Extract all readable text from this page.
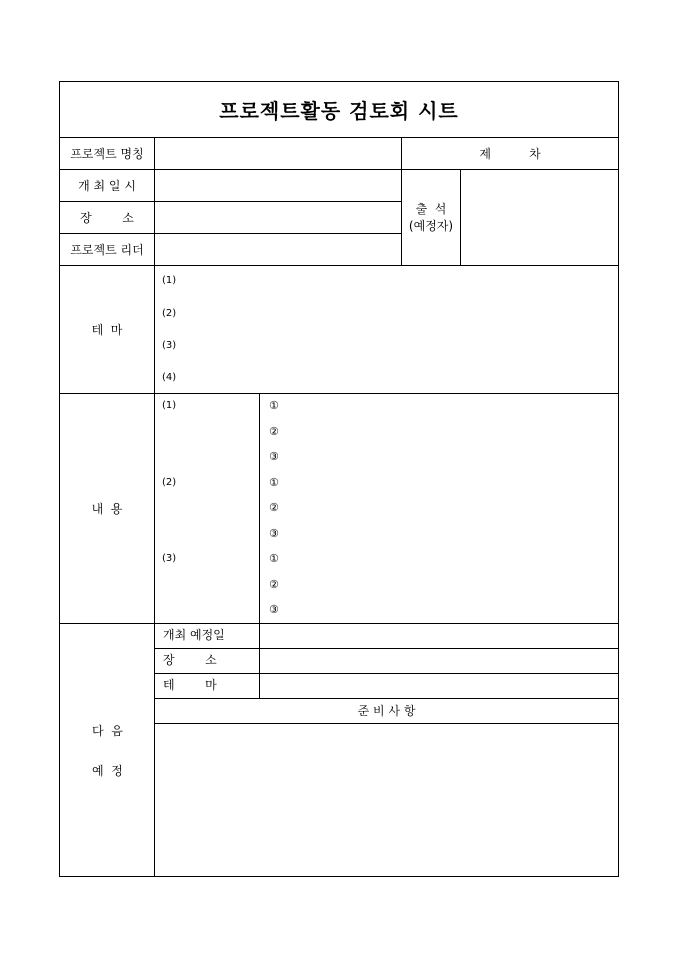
프로젝트활동 검토회 시트
프로젝트 명칭	제          차
개 최 일 시
장        소
프로젝트 리더
출  석
(예정자)
테  마
(1)
(2)
(3)
(4)
내  용
(1)
(2)
(3)
①
②
③
①
②
③
①
②
③
다  음
예  정
개최 예정일
장        소
테        마
준 비 사 항
